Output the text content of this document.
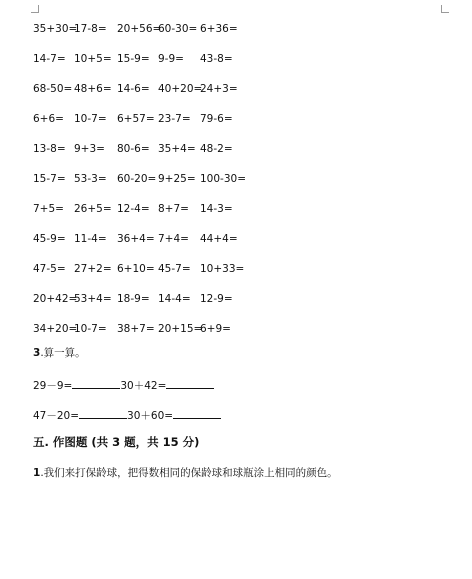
35+30=
17-8= 20+56=
60-30= 6+36=
14-7= 10+5= 15-9= 9-9= 43-8=
68-50= 48+6= 14-6= 40+20=
24+3=
6+6= 10-7= 6+57= 23-7= 79-6=
13-8= 9+3= 80-6= 35+4= 48-2=
15-7= 53-3= 60-20= 9+25= 100-30=
7+5= 26+5= 12-4= 8+7= 14-3=
45-9= 11-4= 36+4= 7+4= 44+4=
47-5= 27+2= 6+10= 45-7= 10+33=
20+42=
53+4= 18-9= 14-4= 12-9=
34+20=
10-7= 38+7= 20+15=
6+9=
3.算一算。
29－9=	30＋42=
47－20=	30＋60=
五. 作图题 (共 3 题，共 15 分)
1.我们来打保龄球，把得数相同的保龄球和球瓶涂上相同的颜色。
